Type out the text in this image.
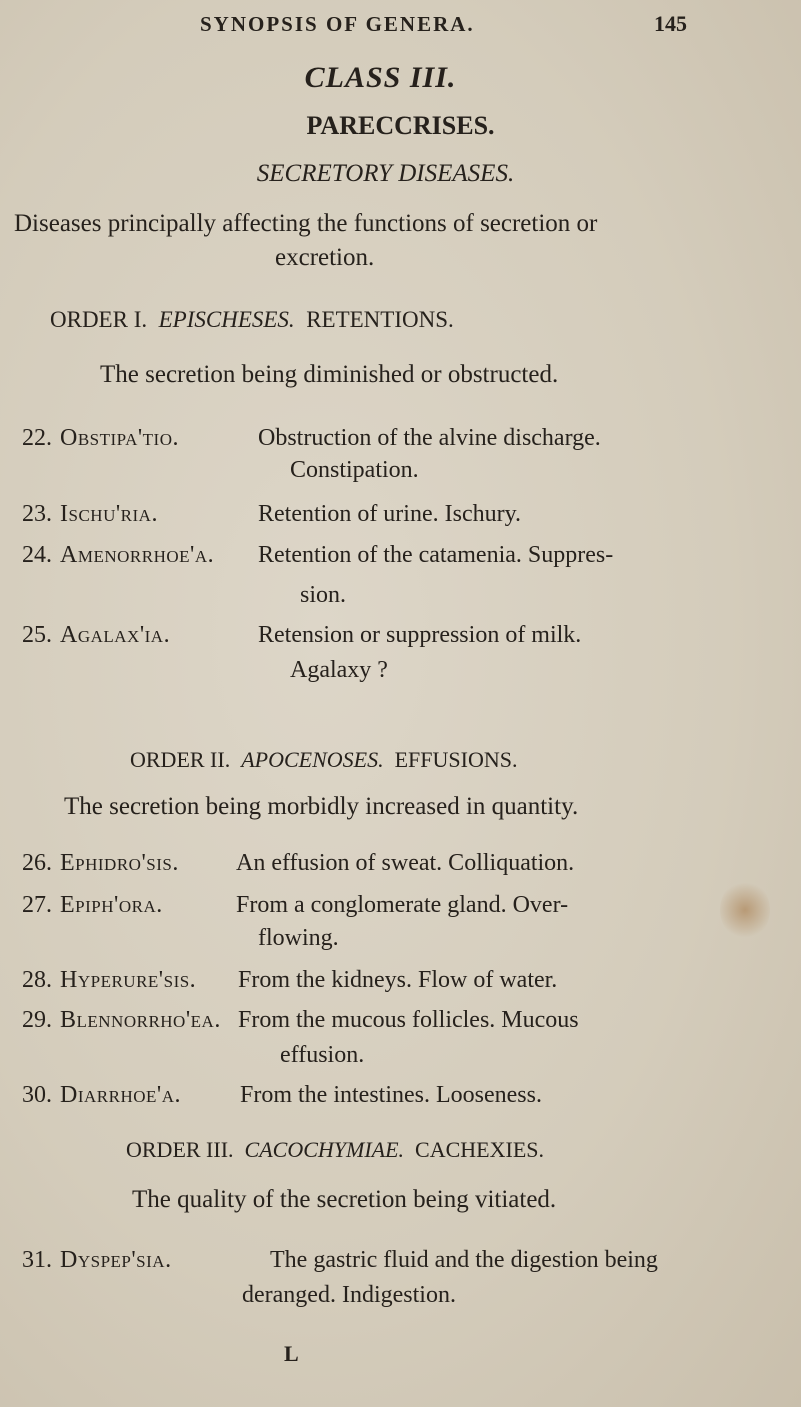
SYNOPSIS OF GENERA.	145
CLASS III.
PARECCRISES.
SECRETORY DISEASES.
Diseases principally affecting the functions of secretion or
excretion.
ORDER I. EPISCHESES. RETENTIONS.
The secretion being diminished or obstructed.
22. Obstipa'tio.	Obstruction of the alvine discharge.
Constipation.
23. Ischu'ria.	Retention of urine. Ischury.
24. Amenorrhoe'a. Retention of the catamenia. Suppres-
sion.
25. Agalax'ia.	Retension or suppression of milk.
Agalaxy ?
ORDER II. APOCENOSES. EFFUSIONS.
The secretion being morbidly increased in quantity.
26. Ephidro'sis. An effusion of sweat. Colliquation.
27. Epiph'ora.	From a conglomerate gland. Over-
flowing.
28. Hyperure'sis. From the kidneys. Flow of water.
29. Blennorrho'ea. From the mucous follicles. Mucous
effusion.
30. Diarrhoe'a. From the intestines. Looseness.
ORDER III. CACOCHYMIAE. CACHEXIES.
The quality of the secretion being vitiated.
31. Dyspep'sia.	The gastric fluid and the digestion being
deranged. Indigestion.
L
